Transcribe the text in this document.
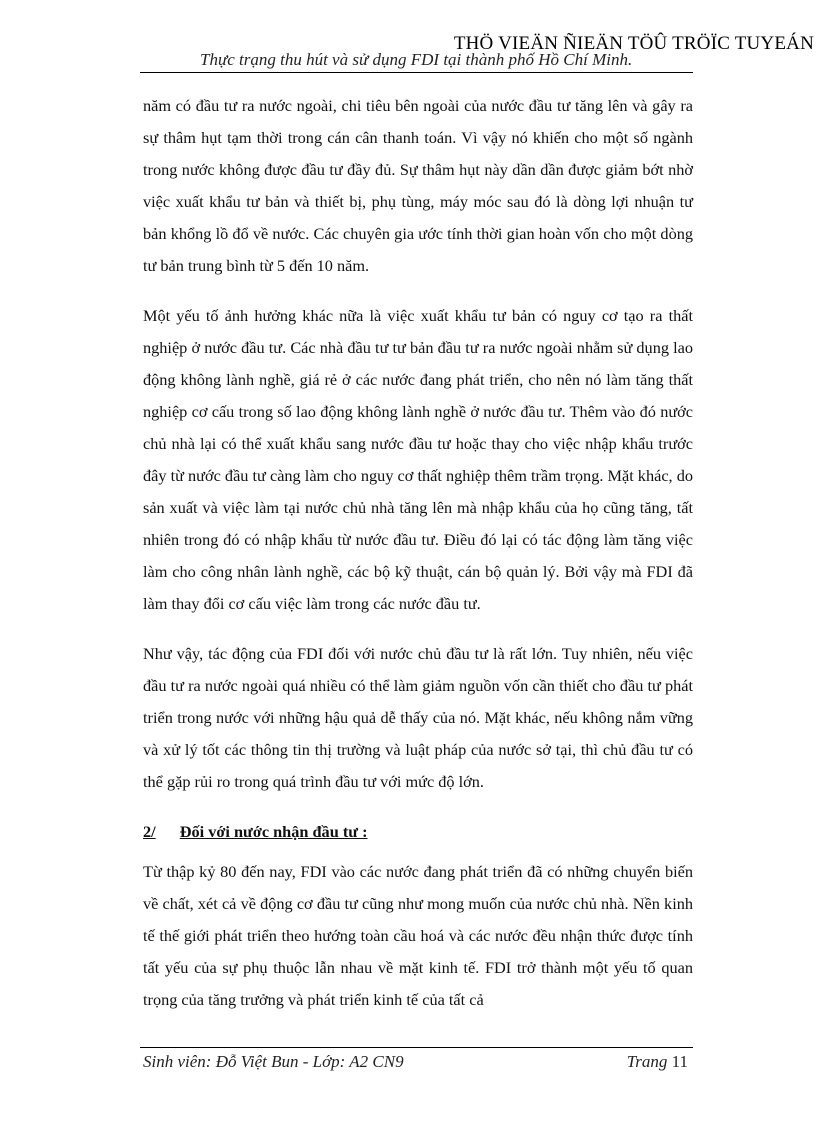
THÖ VIEÄN ÑIEÄN TÖÛ TRÖÏC TUYEÁN
Thực trạng thu hút và sử dụng FDI tại thành phố Hồ Chí Minh.

năm có đầu tư ra nước ngoài, chi tiêu bên ngoài của nước đầu tư tăng lên và gây ra sự thâm hụt tạm thời trong cán cân thanh toán. Vì vậy nó khiến cho một số ngành trong nước không được đầu tư đầy đủ. Sự thâm hụt này dần dần được giảm bớt nhờ việc xuất khẩu tư bản và thiết bị, phụ tùng, máy móc sau đó là dòng lợi nhuận tư bản khổng lồ đổ về nước. Các chuyên gia ước tính thời gian hoàn vốn cho một dòng tư bản trung bình từ 5 đến 10 năm.

Một yếu tố ảnh hưởng khác nữa là việc xuất khẩu tư bản có nguy cơ tạo ra thất nghiệp ở nước đầu tư. Các nhà đầu tư tư bản đầu tư ra nước ngoài nhằm sử dụng lao động không lành nghề, giá rẻ ở các nước đang phát triển, cho nên nó làm tăng thất nghiệp cơ cấu trong số lao động không lành nghề ở nước đầu tư. Thêm vào đó nước chủ nhà lại có thể xuất khẩu sang nước đầu tư hoặc thay cho việc nhập khẩu trước đây từ nước đầu tư càng làm cho nguy cơ thất nghiệp thêm trầm trọng. Mặt khác, do sản xuất và việc làm tại nước chủ nhà tăng lên mà nhập khẩu của họ cũng tăng, tất nhiên trong đó có nhập khẩu từ nước đầu tư. Điều đó lại có tác động làm tăng việc làm cho công nhân lành nghề, các bộ kỹ thuật, cán bộ quản lý. Bởi vậy mà FDI đã làm thay đổi cơ cấu việc làm trong các nước đầu tư.

Như vậy, tác động của FDI đối với nước chủ đầu tư là rất lớn. Tuy nhiên, nếu việc đầu tư ra nước ngoài quá nhiều có thể làm giảm nguồn vốn cần thiết cho đầu tư phát triển trong nước với những hậu quả dễ thấy của nó. Mặt khác, nếu không nắm vững và xử lý tốt các thông tin thị trường và luật pháp của nước sở tại, thì chủ đầu tư có thể gặp rủi ro trong quá trình đầu tư với mức độ lớn.

2/ Đối với nước nhận đầu tư :

Từ thập kỷ 80 đến nay, FDI vào các nước đang phát triển đã có những chuyển biến về chất, xét cả về động cơ đầu tư cũng như mong muốn của nước chủ nhà. Nền kinh tế thế giới phát triển theo hướng toàn cầu hoá và các nước đều nhận thức được tính tất yếu của sự phụ thuộc lẫn nhau về mặt kinh tế. FDI trở thành một yếu tố quan trọng của tăng trưởng và phát triển kinh tế của tất cả

Sinh viên: Đỗ Việt Bun - Lớp: A2 CN9	Trang 11
